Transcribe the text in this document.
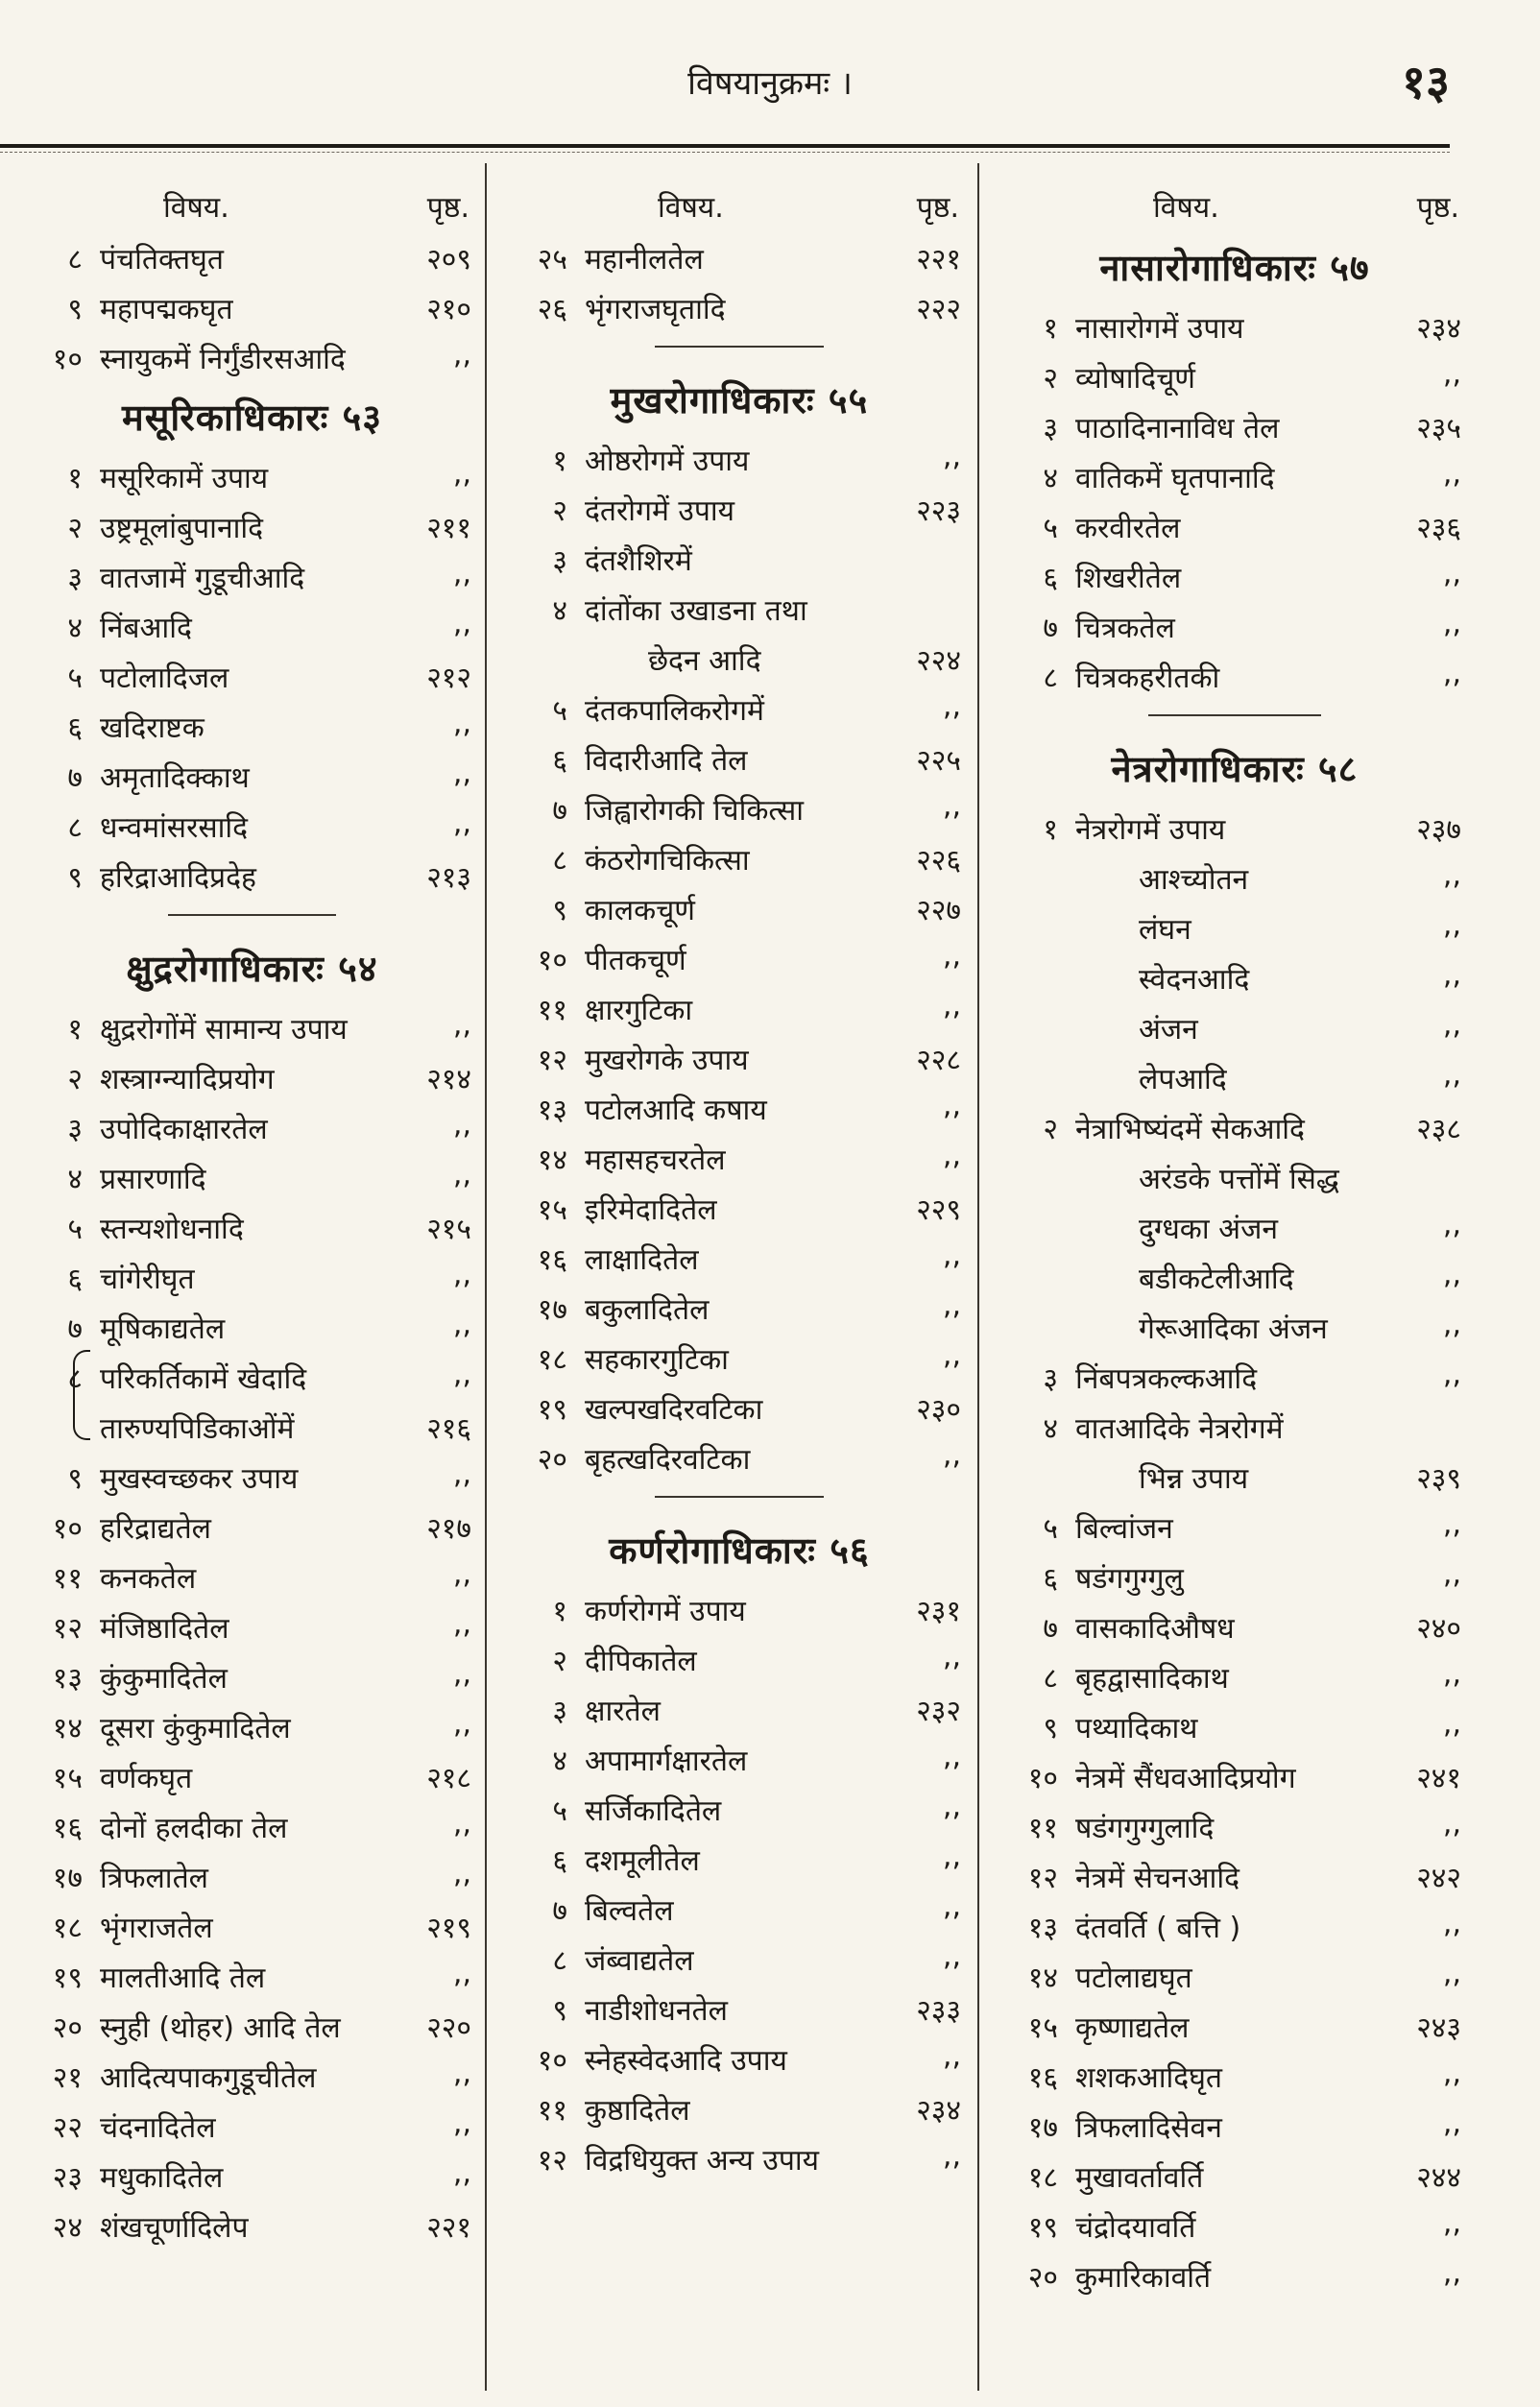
विषयानुक्रमः ।	१३
विषय.	पृष्ठ.
८ पंचतिक्तघृत	२०९
९ महापद्मकघृत	२१०
१० स्नायुकमें निर्गुंडीरसआदि	,,
मसूरिकाधिकारः ५३
१ मसूरिकामें उपाय	,,
२ उष्ट्रमूलांबुपानादि	२११
३ वातजामें गुडूचीआदि	,,
४ निंबआदि	,,
५ पटोलादिजल	२१२
६ खदिराष्टक	,,
७ अमृतादिक्काथ	,,
८ धन्वमांसरसादि	,,
९ हरिद्राआदिप्रदेह	२१३
क्षुद्ररोगाधिकारः ५४
१ क्षुद्ररोगोंमें सामान्य उपाय	,,
२ शस्त्राग्न्यादिप्रयोग	२१४
३ उपोदिकाक्षारतेल	,,
४ प्रसारणादि	,,
५ स्तन्यशोधनादि	२१५
६ चांगेरीघृत	,,
७ मूषिकाद्यतेल	,,
८ परिकर्तिकामें खेदादि	,,
तारुण्यपिडिकाओंमें	२१६
९ मुखस्वच्छकर उपाय	,,
१० हरिद्राद्यतेल	२१७
११ कनकतेल	,,
१२ मंजिष्ठादितेल	,,
१३ कुंकुमादितेल	,,
१४ दूसरा कुंकुमादितेल	,,
१५ वर्णकघृत	२१८
१६ दोनों हलदीका तेल	,,
१७ त्रिफलातेल	,,
१८ भृंगराजतेल	२१९
१९ मालतीआदि तेल	,,
२० स्नुही (थोहर) आदि तेल	२२०
२१ आदित्यपाकगुडूचीतेल	,,
२२ चंदनादितेल	,,
२३ मधुकादितेल	,,
२४ शंखचूर्णादिलेप	२२१
विषय.	पृष्ठ.
२५ महानीलतेल	२२१
२६ भृंगराजघृतादि	२२२
मुखरोगाधिकारः ५५
१ ओष्ठरोगमें उपाय	,,
२ दंतरोगमें उपाय	२२३
३ दंतशैशिरमें
४ दांतोंका उखाडना तथा
छेदन आदि	२२४
५ दंतकपालिकरोगमें	,,
६ विदारीआदि तेल	२२५
७ जिह्वारोगकी चिकित्सा	,,
८ कंठरोगचिकित्सा	२२६
९ कालकचूर्ण	२२७
१० पीतकचूर्ण	,,
११ क्षारगुटिका	,,
१२ मुखरोगके उपाय	२२८
१३ पटोलआदि कषाय	,,
१४ महासहचरतेल	,,
१५ इरिमेदादितेल	२२९
१६ लाक्षादितेल	,,
१७ बकुलादितेल	,,
१८ सहकारगुटिका	,,
१९ खल्पखदिरवटिका	२३०
२० बृहत्खदिरवटिका	,,
कर्णरोगाधिकारः ५६
१ कर्णरोगमें उपाय	२३१
२ दीपिकातेल	,,
३ क्षारतेल	२३२
४ अपामार्गक्षारतेल	,,
५ सर्जिकादितेल	,,
६ दशमूलीतेल	,,
७ बिल्वतेल	,,
८ जंब्वाद्यतेल	,,
९ नाडीशोधनतेल	२३३
१० स्नेहस्वेदआदि उपाय	,,
११ कुष्ठादितेल	२३४
१२ विद्रधियुक्त अन्य उपाय	,,
विषय.	पृष्ठ.
नासारोगाधिकारः ५७
१ नासारोगमें उपाय	२३४
२ व्योषादिचूर्ण	,,
३ पाठादिनानाविध तेल	२३५
४ वातिकमें घृतपानादि	,,
५ करवीरतेल	२३६
६ शिखरीतेल	,,
७ चित्रकतेल	,,
८ चित्रकहरीतकी	,,
नेत्ररोगाधिकारः ५८
१ नेत्ररोगमें उपाय	२३७
आश्च्योतन	,,
लंघन	,,
स्वेदनआदि	,,
अंजन	,,
लेपआदि	,,
२ नेत्राभिष्यंदमें सेकआदि	२३८
अरंडके पत्तोंमें सिद्ध
दुग्धका अंजन	,,
बडीकटेलीआदि	,,
गेरूआदिका अंजन	,,
३ निंबपत्रकल्कआदि	,,
४ वातआदिके नेत्ररोगमें
भिन्न उपाय	२३९
५ बिल्वांजन	,,
६ षडंगगुग्गुलु	,,
७ वासकादिऔषध	२४०
८ बृहद्वासादिकाथ	,,
९ पथ्यादिकाथ	,,
१० नेत्रमें सैंधवआदिप्रयोग	२४१
११ षडंगगुग्गुलादि	,,
१२ नेत्रमें सेचनआदि	२४२
१३ दंतवर्ति ( बत्ति )	,,
१४ पटोलाद्यघृत	,,
१५ कृष्णाद्यतेल	२४३
१६ शशकआदिघृत	,,
१७ त्रिफलादिसेवन	,,
१८ मुखावर्तावर्ति	२४४
१९ चंद्रोदयावर्ति	,,
२० कुमारिकावर्ति	,,
